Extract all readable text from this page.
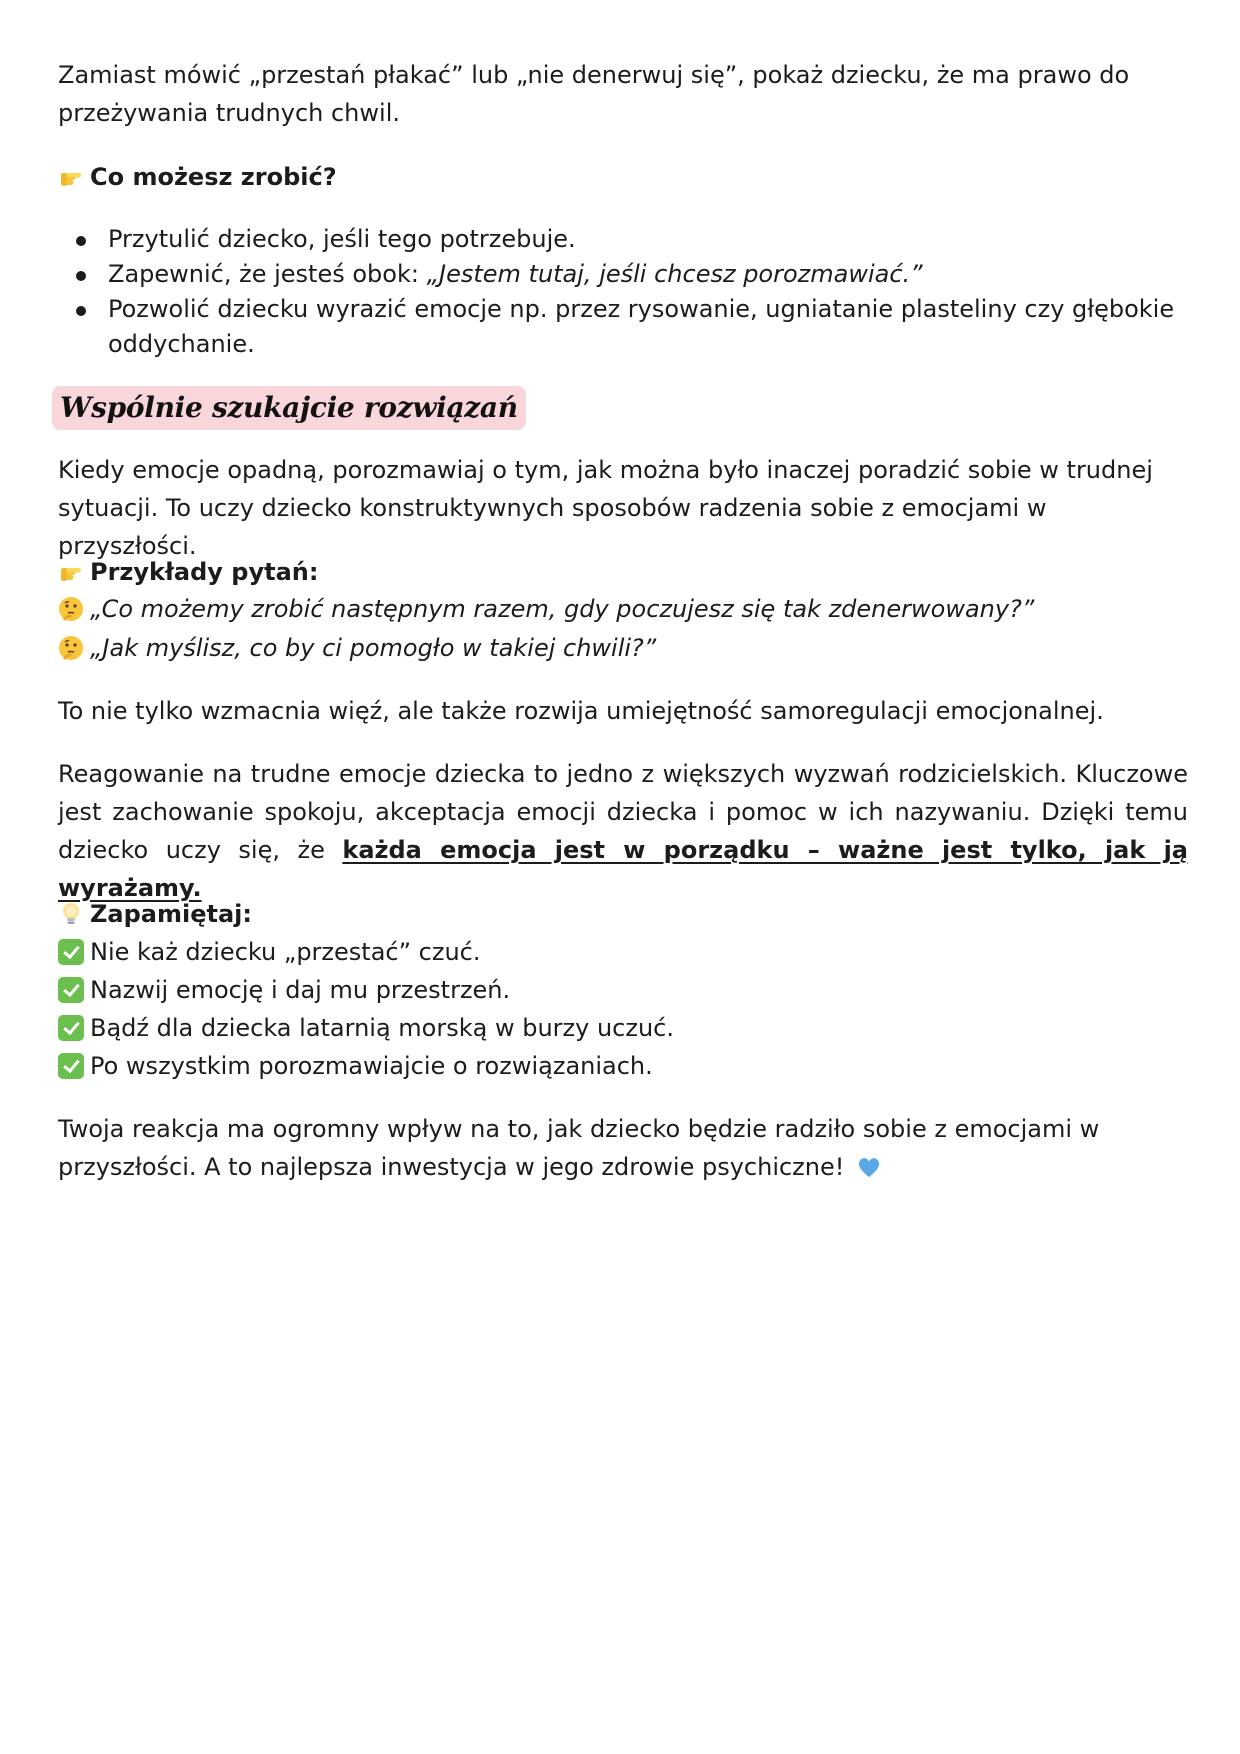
Zamiast mówić „przestań płakać” lub „nie denerwuj się”, pokaż dziecku, że ma prawo do
przeżywania trudnych chwil.

Co możesz zrobić?

Przytulić dziecko, jeśli tego potrzebuje.
Zapewnić, że jesteś obok: „Jestem tutaj, jeśli chcesz porozmawiać.”
Pozwolić dziecku wyrazić emocje np. przez rysowanie, ugniatanie plasteliny czy głębokie oddychanie.
Wspólnie szukajcie rozwiązań

Kiedy emocje opadną, porozmawiaj o tym, jak można było inaczej poradzić sobie w trudnej sytuacji. To uczy dziecko konstruktywnych sposobów radzenia sobie z emocjami w przyszłości.

Przykłady pytań:

„Co możemy zrobić następnym razem, gdy poczujesz się tak zdenerwowany?”

„Jak myślisz, co by ci pomogło w takiej chwili?”

To nie tylko wzmacnia więź, ale także rozwija umiejętność samoregulacji emocjonalnej.

Reagowanie na trudne emocje dziecka to jedno z większych wyzwań rodzicielskich. Kluczowe jest zachowanie spokoju, akceptacja emocji dziecka i pomoc w ich nazywaniu. Dzięki temu dziecko uczy się, że każda emocja jest w porządku – ważne jest tylko, jak ją wyrażamy.

Zapamiętaj:

Nie każ dziecku „przestać” czuć.

Nazwij emocję i daj mu przestrzeń.

Bądź dla dziecka latarnią morską w burzy uczuć.

Po wszystkim porozmawiajcie o rozwiązaniach.

Twoja reakcja ma ogromny wpływ na to, jak dziecko będzie radziło sobie z emocjami w
przyszłości. A to najlepsza inwestycja w jego zdrowie psychiczne!
